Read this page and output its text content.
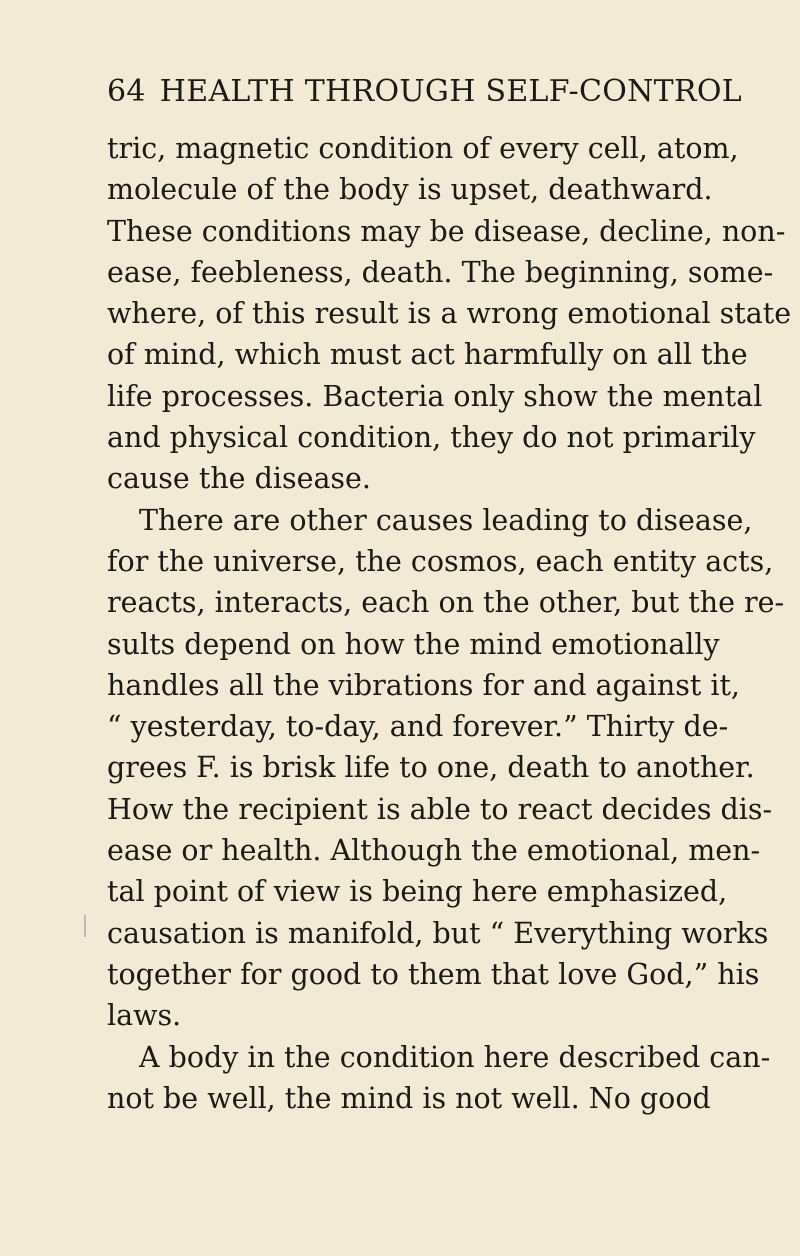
64 HEALTH THROUGH SELF-CONTROL
tric, magnetic condition of every cell, atom,
molecule of the body is upset, deathward.
These conditions may be disease, decline, non-
ease, feebleness, death. The beginning, some-
where, of this result is a wrong emotional state
of mind, which must act harmfully on all the
life processes. Bacteria only show the mental
and physical condition, they do not primarily
cause the disease.
There are other causes leading to disease,
for the universe, the cosmos, each entity acts,
reacts, interacts, each on the other, but the re-
sults depend on how the mind emotionally
handles all the vibrations for and against it,
“ yesterday, to-day, and forever.” Thirty de-
grees F. is brisk life to one, death to another.
How the recipient is able to react decides dis-
ease or health. Although the emotional, men-
tal point of view is being here emphasized,
causation is manifold, but “ Everything works
together for good to them that love God,” his
laws.
A body in the condition here described can-
not be well, the mind is not well. No good
